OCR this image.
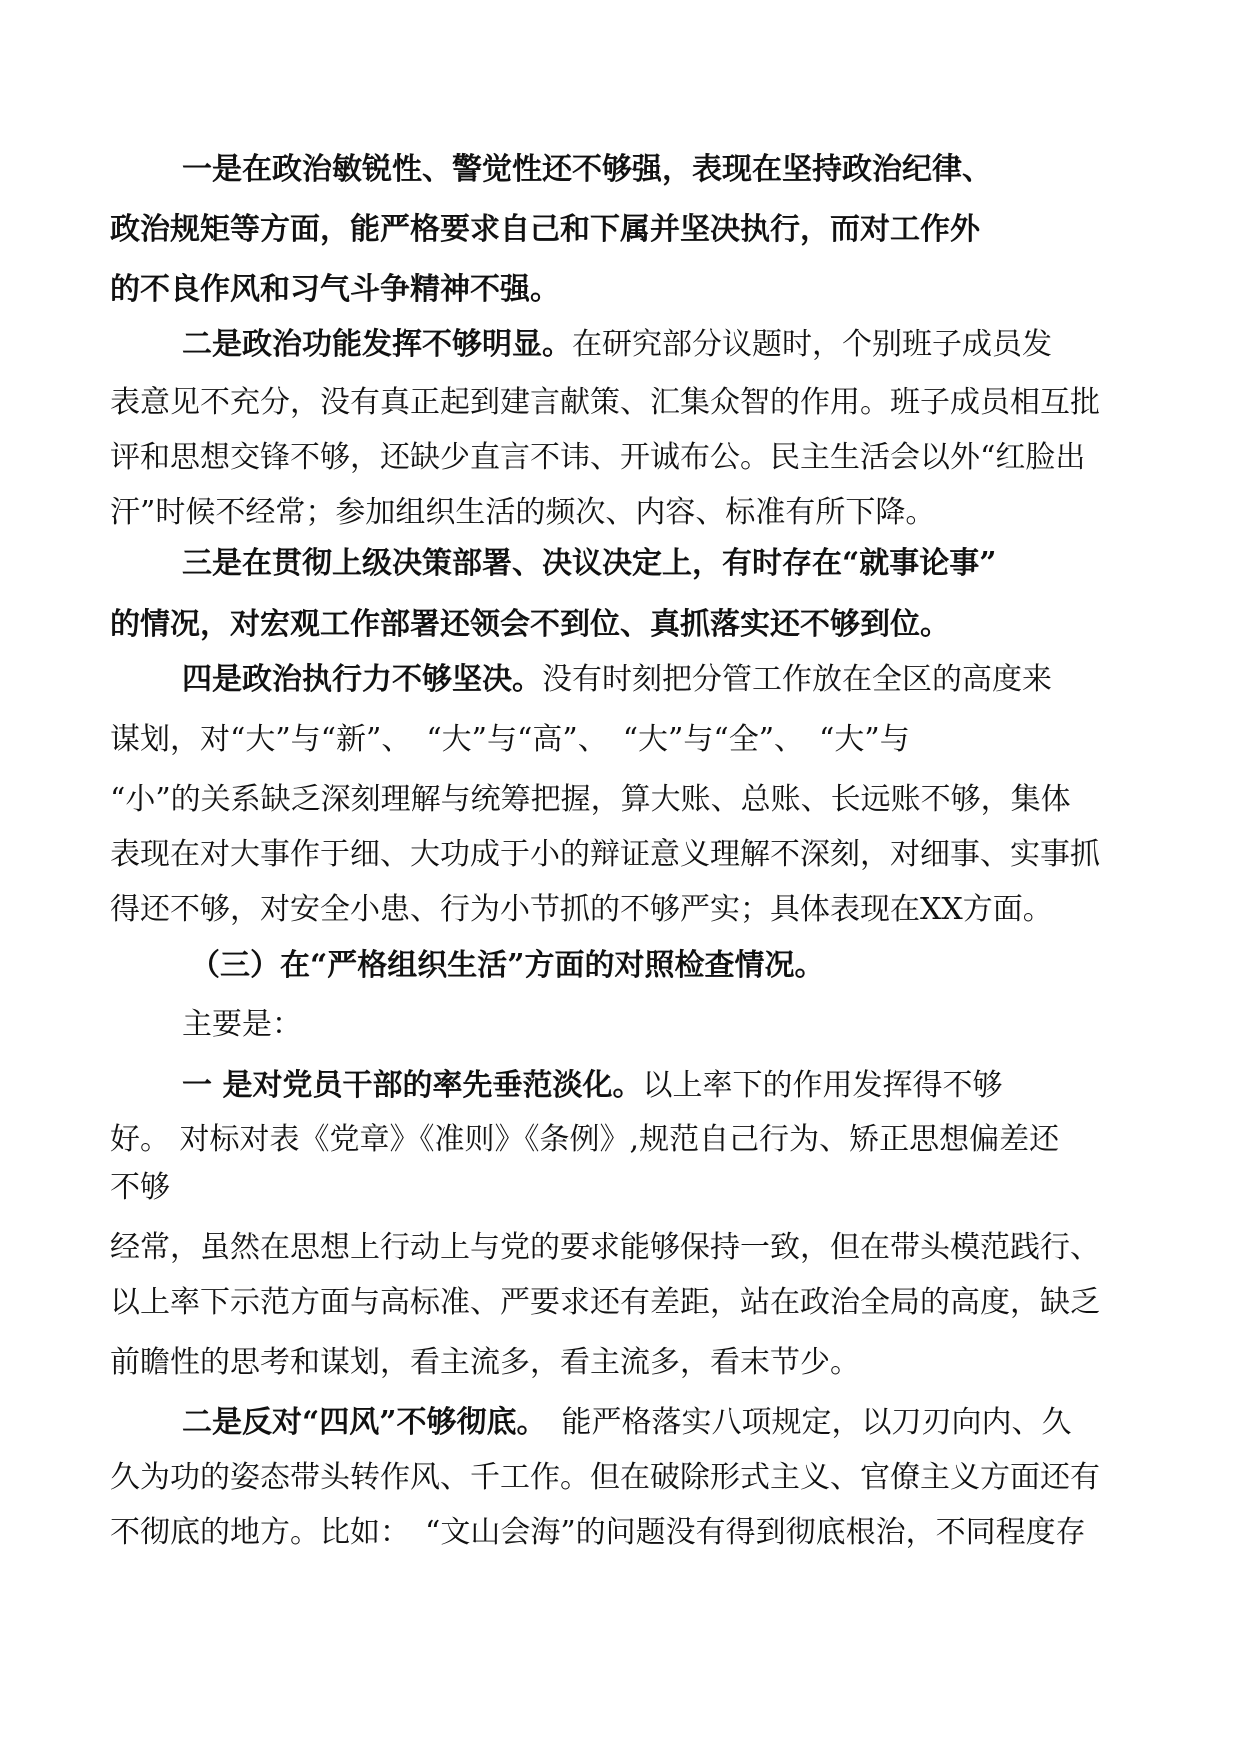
一是在政治敏锐性、警觉性还不够强，表现在坚持政治纪律、
政治规矩等方面，能严格要求自己和下属并坚决执行，而对工作外
的不良作风和习气斗争精神不强。
二是政治功能发挥不够明显。在研究部分议题时，个别班子成员发
表意见不充分，没有真正起到建言献策、汇集众智的作用。班子成员相互批
评和思想交锋不够，还缺少直言不讳、开诚布公。民主生活会以外“红脸出
汗”时候不经常；参加组织生活的频次、内容、标准有所下降。
三是在贯彻上级决策部署、决议决定上，有时存在“就事论事”
的情况，对宏观工作部署还领会不到位、真抓落实还不够到位。
四是政治执行力不够坚决。没有时刻把分管工作放在全区的高度来
谋划，对“大”与“新”、　“大”与“高”、　“大”与“全”、　“大”与
“小”的关系缺乏深刻理解与统筹把握，算大账、总账、长远账不够，集体
表现在对大事作于细、大功成于小的辩证意义理解不深刻，对细事、实事抓
得还不够，对安全小患、行为小节抓的不够严实；具体表现在XX方面。
（三）在“严格组织生活”方面的对照检查情况。
主要是：
一 是对党员干部的率先垂范淡化。以上率下的作用发挥得不够
好。 对标对表《党章》《准则》《条例》,规范自己行为、矫正思想偏差还
不够
经常，虽然在思想上行动上与党的要求能够保持一致，但在带头模范践行、
以上率下示范方面与高标准、严要求还有差距，站在政治全局的高度，缺乏
前瞻性的思考和谋划，看主流多，看主流多，看末节少。
二是反对“四风”不够彻底。　能严格落实八项规定，以刀刃向内、久
久为功的姿态带头转作风、千工作。但在破除形式主义、官僚主义方面还有
不彻底的地方。比如：　“文山会海”的问题没有得到彻底根治，不同程度存
